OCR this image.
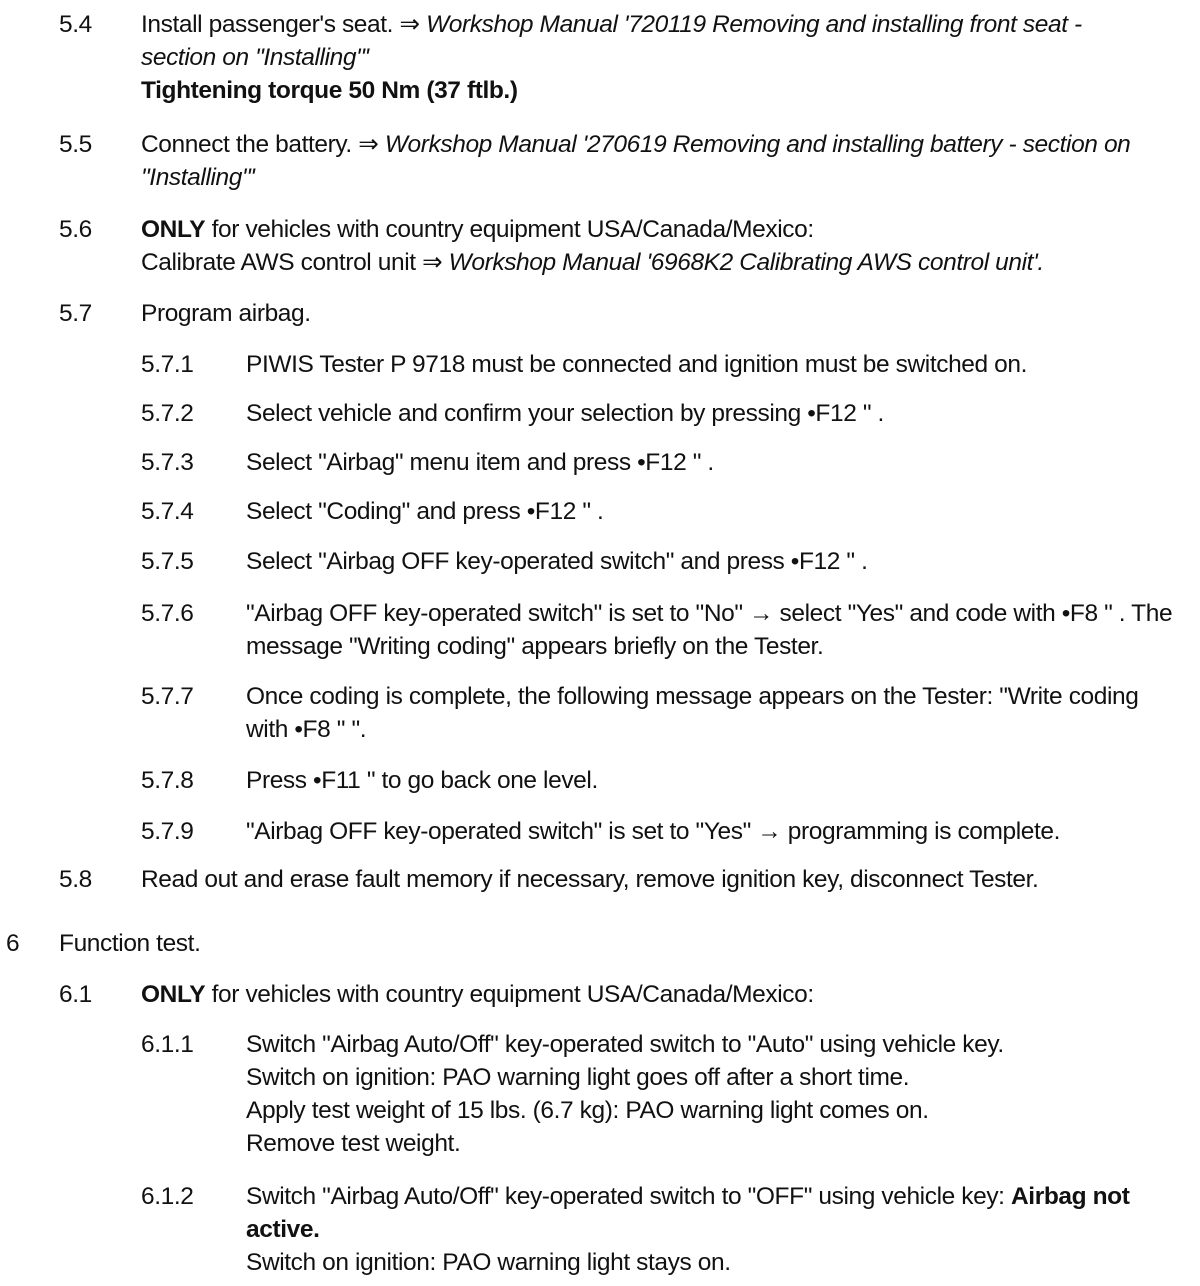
5.4 Install passenger's seat. ⇒ Workshop Manual '720119 Removing and installing front seat - section on "Installing"'
Tightening torque 50 Nm (37 ftlb.)
5.5 Connect the battery. ⇒ Workshop Manual '270619 Removing and installing battery - section on "Installing"'
5.6 ONLY for vehicles with country equipment USA/Canada/Mexico:
Calibrate AWS control unit ⇒ Workshop Manual '6968K2 Calibrating AWS control unit'.
5.7 Program airbag.
5.7.1 PIWIS Tester P 9718 must be connected and ignition must be switched on.
5.7.2 Select vehicle and confirm your selection by pressing •F12 " .
5.7.3 Select "Airbag" menu item and press •F12 " .
5.7.4 Select "Coding" and press •F12 " .
5.7.5 Select "Airbag OFF key-operated switch" and press •F12 " .
5.7.6 "Airbag OFF key-operated switch" is set to "No" → select "Yes" and code with •F8 " . The message "Writing coding" appears briefly on the Tester.
5.7.7 Once coding is complete, the following message appears on the Tester: "Write coding with •F8 " ".
5.7.8 Press •F11 " to go back one level.
5.7.9 "Airbag OFF key-operated switch" is set to "Yes" → programming is complete.
5.8 Read out and erase fault memory if necessary, remove ignition key, disconnect Tester.
6 Function test.
6.1 ONLY for vehicles with country equipment USA/Canada/Mexico:
6.1.1 Switch "Airbag Auto/Off" key-operated switch to "Auto" using vehicle key.
Switch on ignition: PAO warning light goes off after a short time.
Apply test weight of 15 lbs. (6.7 kg): PAO warning light comes on.
Remove test weight.
6.1.2 Switch "Airbag Auto/Off" key-operated switch to "OFF" using vehicle key: Airbag not active.
Switch on ignition: PAO warning light stays on.
